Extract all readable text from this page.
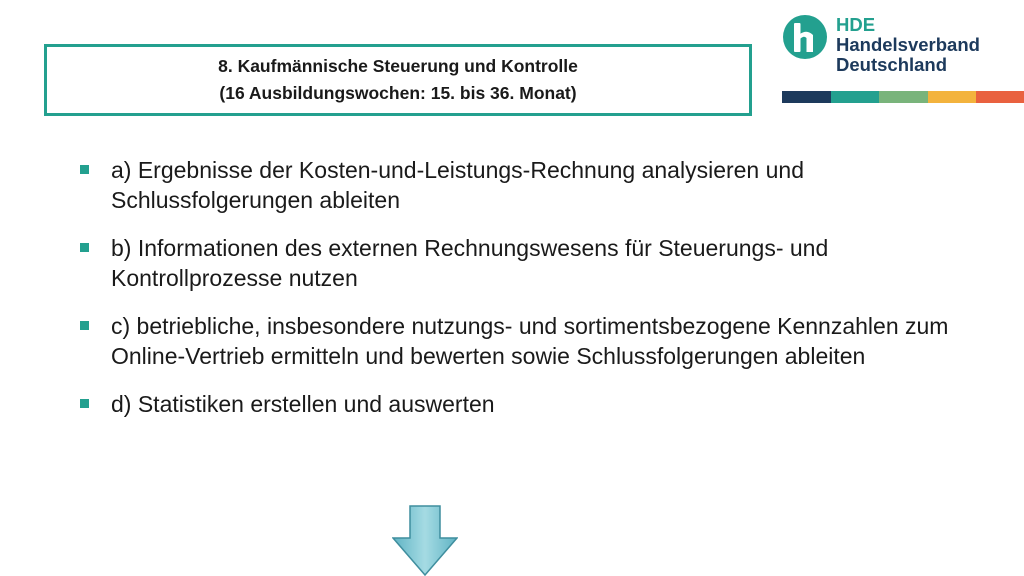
8. Kaufmännische Steuerung und Kontrolle
(16 Ausbildungswochen: 15. bis 36. Monat)
HDE
Handelsverband
Deutschland
a) Ergebnisse der Kosten-und-Leistungs-Rechnung analysieren und Schlussfolgerungen ableiten
b) Informationen des externen Rechnungswesens für Steuerungs- und Kontrollprozesse nutzen
c) betriebliche, insbesondere nutzungs- und sortimentsbezogene Kennzahlen zum Online-Vertrieb ermitteln und bewerten sowie Schlussfolgerungen ableiten
d) Statistiken erstellen und auswerten
